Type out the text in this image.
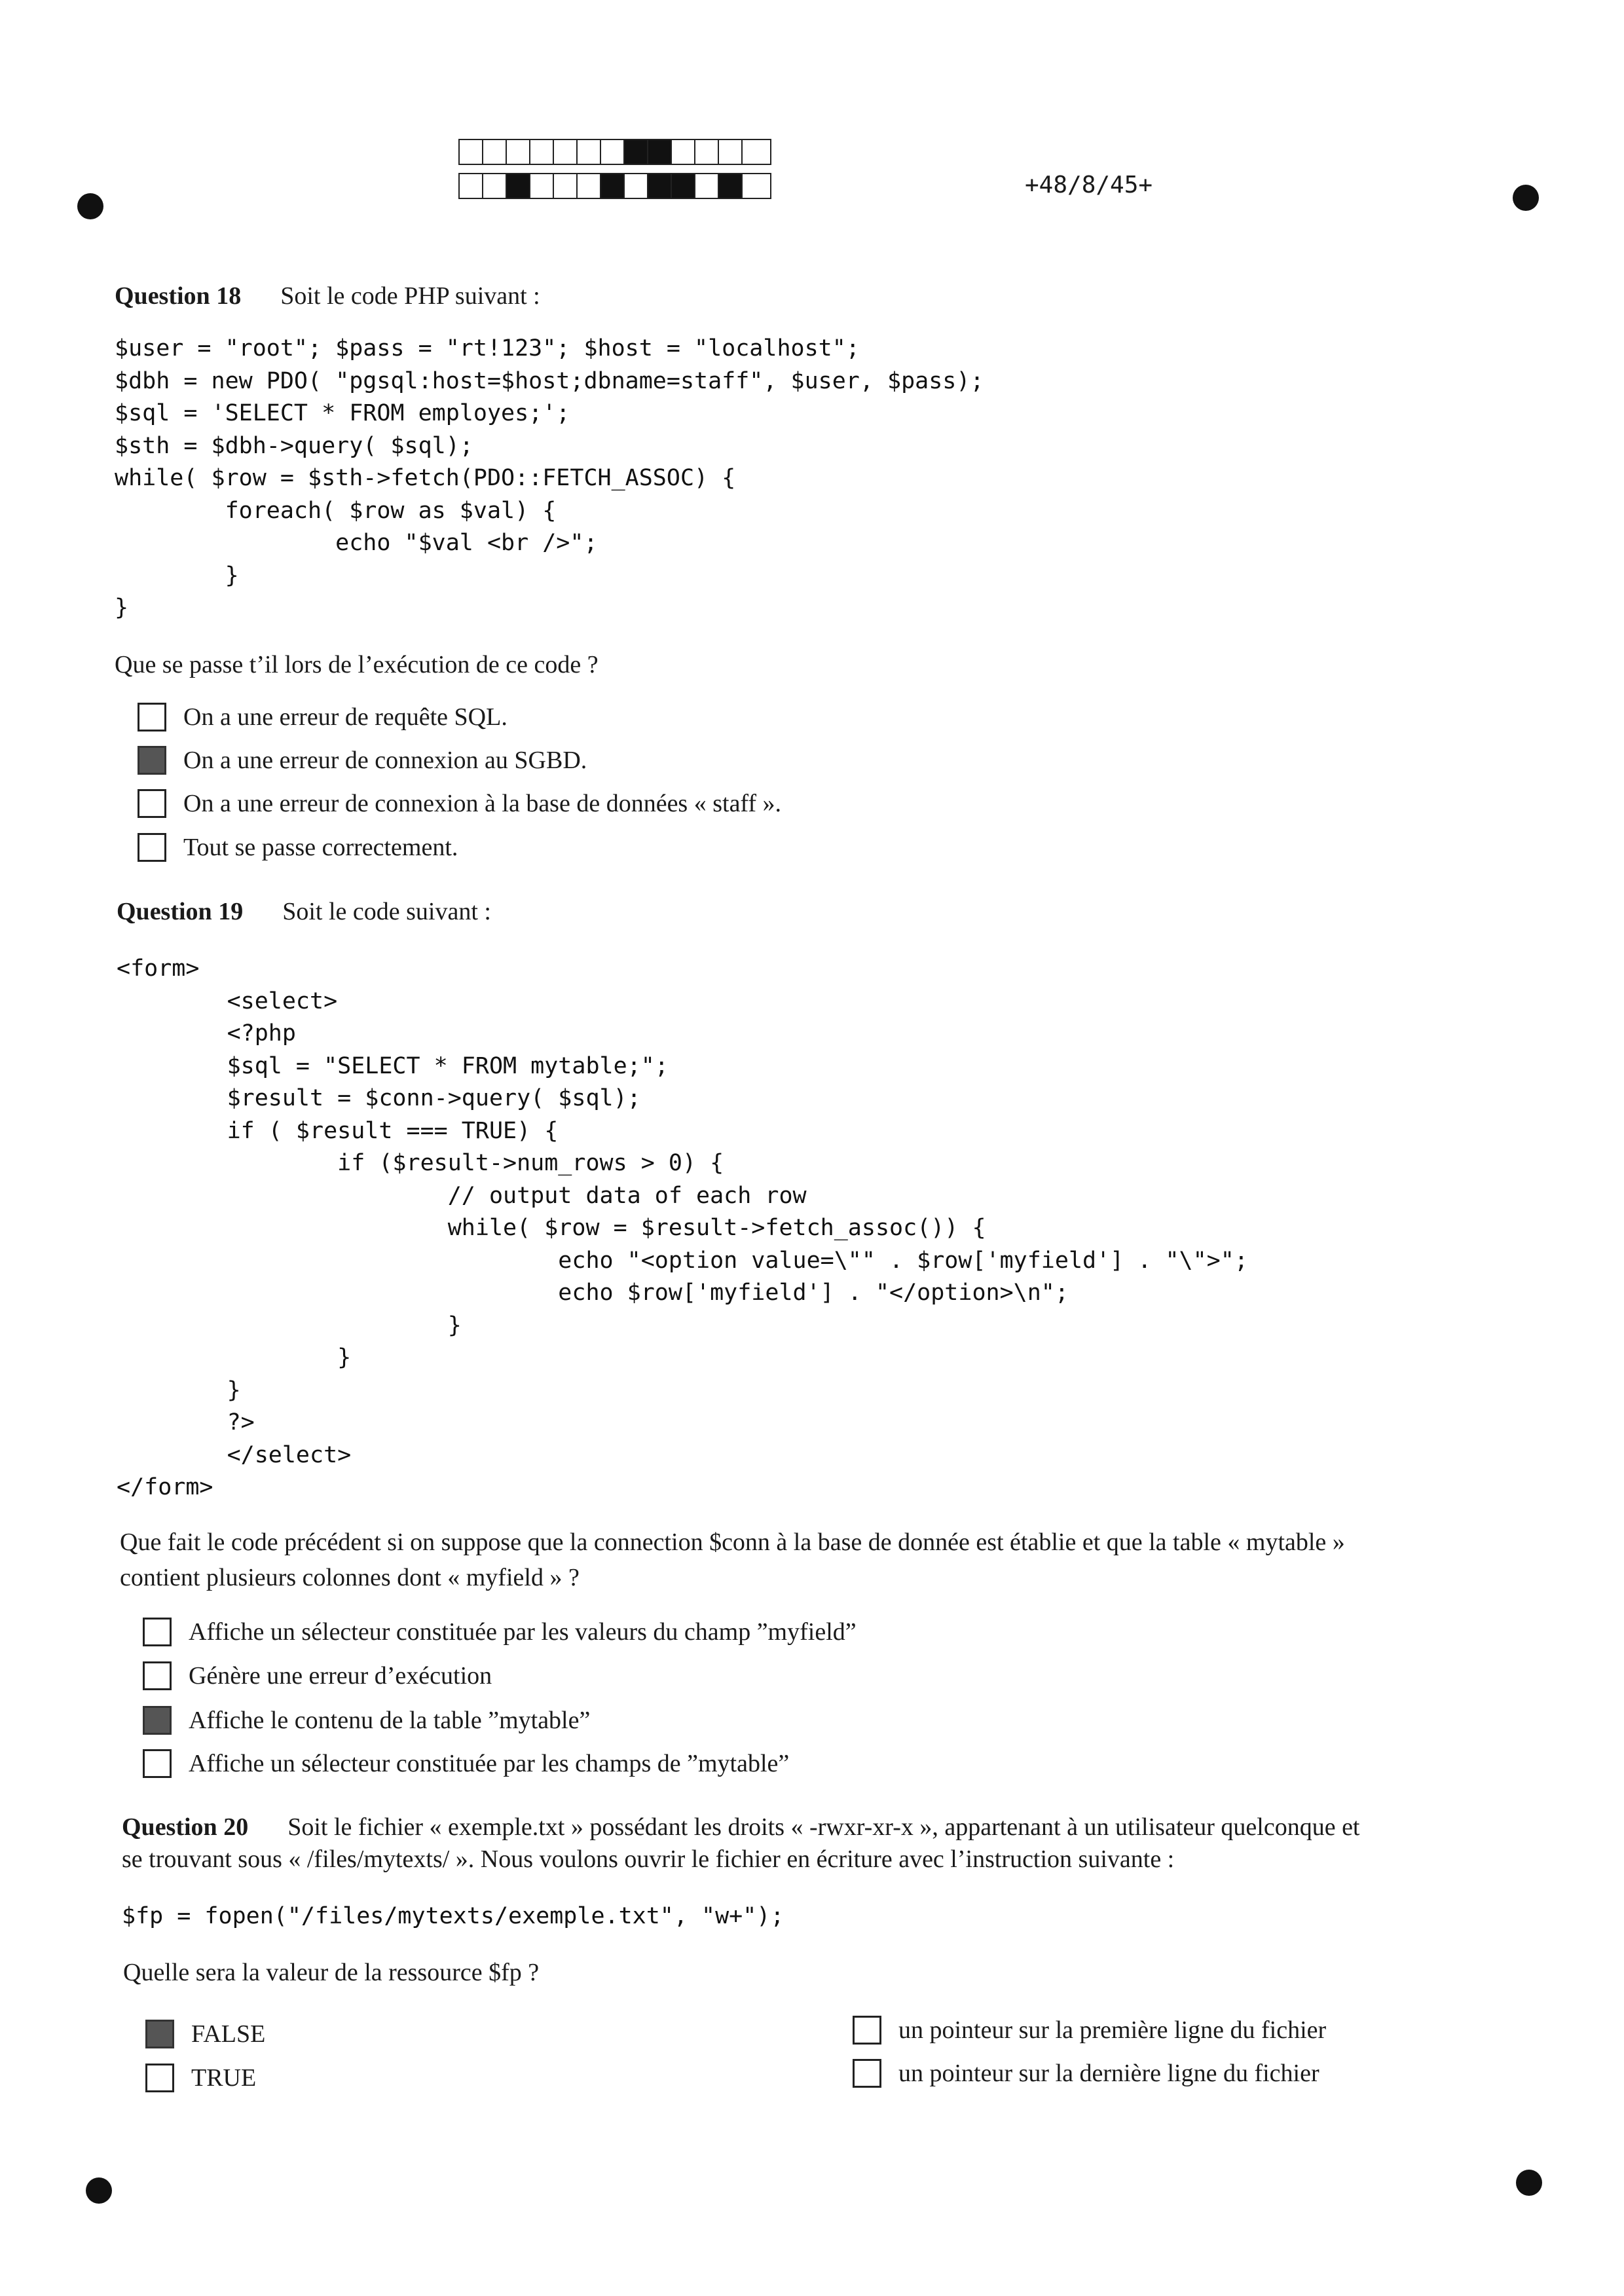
+48/8/45+
Question 18 Soit le code PHP suivant :
$user = "root"; $pass = "rt!123"; $host = "localhost";
$dbh = new PDO( "pgsql:host=$host;dbname=staff", $user, $pass);
$sql = 'SELECT * FROM employes;';
$sth = $dbh->query( $sql);
while( $row = $sth->fetch(PDO::FETCH_ASSOC) {
foreach( $row as $val) {
echo "$val <br />";
}
}
Que se passe t’il lors de l’exécution de ce code ?
On a une erreur de requête SQL.
On a une erreur de connexion au SGBD.
On a une erreur de connexion à la base de données « staff ».
Tout se passe correctement.
Question 19 Soit le code suivant :
<form>
<select>
<?php
$sql = "SELECT * FROM mytable;";
$result = $conn->query( $sql);
if ( $result === TRUE) {
if ($result->num_rows > 0) {
// output data of each row
while( $row = $result->fetch_assoc()) {
echo "<option value=\"" . $row['myfield'] . "\">";
echo $row['myfield'] . "</option>\n";
}
}
}
?>
</select>
</form>
Que fait le code précédent si on suppose que la connection $conn à la base de donnée est établie et que la table « mytable »
contient plusieurs colonnes dont « myfield » ?
Affiche un sélecteur constituée par les valeurs du champ ”myfield”
Génère une erreur d’exécution
Affiche le contenu de la table ”mytable”
Affiche un sélecteur constituée par les champs de ”mytable”
Question 20 Soit le fichier « exemple.txt » possédant les droits « -rwxr-xr-x », appartenant à un utilisateur quelconque et
se trouvant sous « /files/mytexts/ ». Nous voulons ouvrir le fichier en écriture avec l’instruction suivante :
$fp = fopen("/files/mytexts/exemple.txt", "w+");
Quelle sera la valeur de la ressource $fp ?
FALSE
TRUE
un pointeur sur la première ligne du fichier
un pointeur sur la dernière ligne du fichier
